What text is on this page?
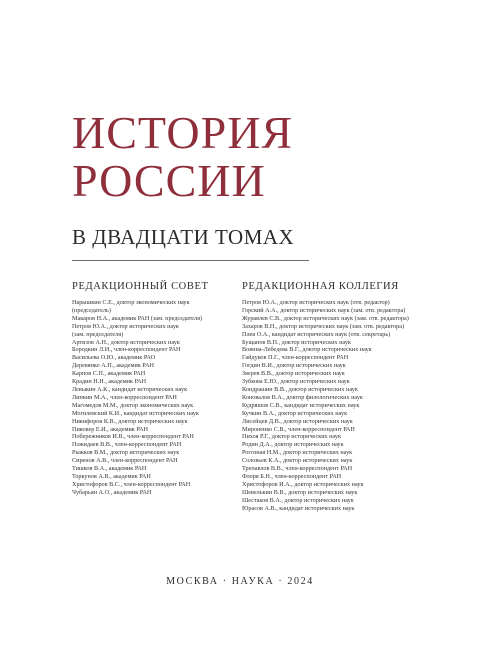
ИСТОРИЯ
РОССИИ
В ДВАДЦАТИ ТОМАХ
РЕДАКЦИОННЫЙ СОВЕТ
Нарышкин С.Е., доктор экономических наук
(председатель)
Макаров Н.А., академик РАН (зам. председателя)
Петров Ю.А., доктор исторических наук
(зам. председателя)
Артизов А.Н., доктор исторических наук
Бородкин Л.И., член-корреспондент РАН
Васильева О.Ю., академик РАО
Деревянко А.П., академик РАН
Карпов С.П., академик РАН
Крадин Н.Н., академик РАН
Левыкин А.К., кандидат исторических наук
Липкин М.А., член-корреспондент РАН
Магомедов М.М., доктор экономических наук
Могилевский К.И., кандидат исторических наук
Никифоров К.В., доктор исторических наук
Пиковер Е.И., академик РАН
Побережников И.В., член-корреспондент РАН
Пожидаев В.В., член-корреспондент РАН
Рыжков В.М., доктор исторических наук
Сиренов А.В., член-корреспондент РАН
Тишков В.А., академик РАН
Торкунов А.В., академик РАН
Христофоров В.С., член-корреспондент РАН
Чубарьян А.О., академик РАН
РЕДАКЦИОННАЯ КОЛЛЕГИЯ
Петров Ю.А., доктор исторических наук (отв. редактор)
Горский А.А., доктор исторических наук (зам. отв. редактора)
Журавлев С.В., доктор исторических наук (зам. отв. редактора)
Захаров В.Н., доктор исторических наук (зам. отв. редактора)
Плея О.А., кандидат исторических наук (отв. секретарь)
Бущанов В.П., доктор исторических наук
Вовина-Лебедева В.Г., доктор исторических наук
Гайдуков П.Г., член-корреспондент РАН
Гогдин В.И., доктор исторических наук
Зверев В.В., доктор исторических наук
Зубкова Е.Ю., доктор исторических наук
Кондрашин В.В., доктор исторических наук
Коновалов В.А., доктор филологических наук
Кудряшов С.В., кандидат исторических наук
Кучкин В.А., доктор исторических наук
Лисейцев Д.В., доктор исторических наук
Мироненко С.В., член-корреспондент РАН
Пихоя Р.Г., доктор исторических наук
Родин Д.А., доктор исторических наук
Рогозная Н.М., доктор исторических наук
Соловьев К.А., доктор исторических наук
Трепавлов В.В., член-корреспондент РАН
Флоря Б.Н., член-корреспондент РАН
Христофоров И.А., доктор исторических наук
Шевелькин В.В., доктор исторических наук
Шестаков В.А., доктор исторических наук
Юрасов А.В., кандидат исторических наук
МОСКВА · НАУКА · 2024
